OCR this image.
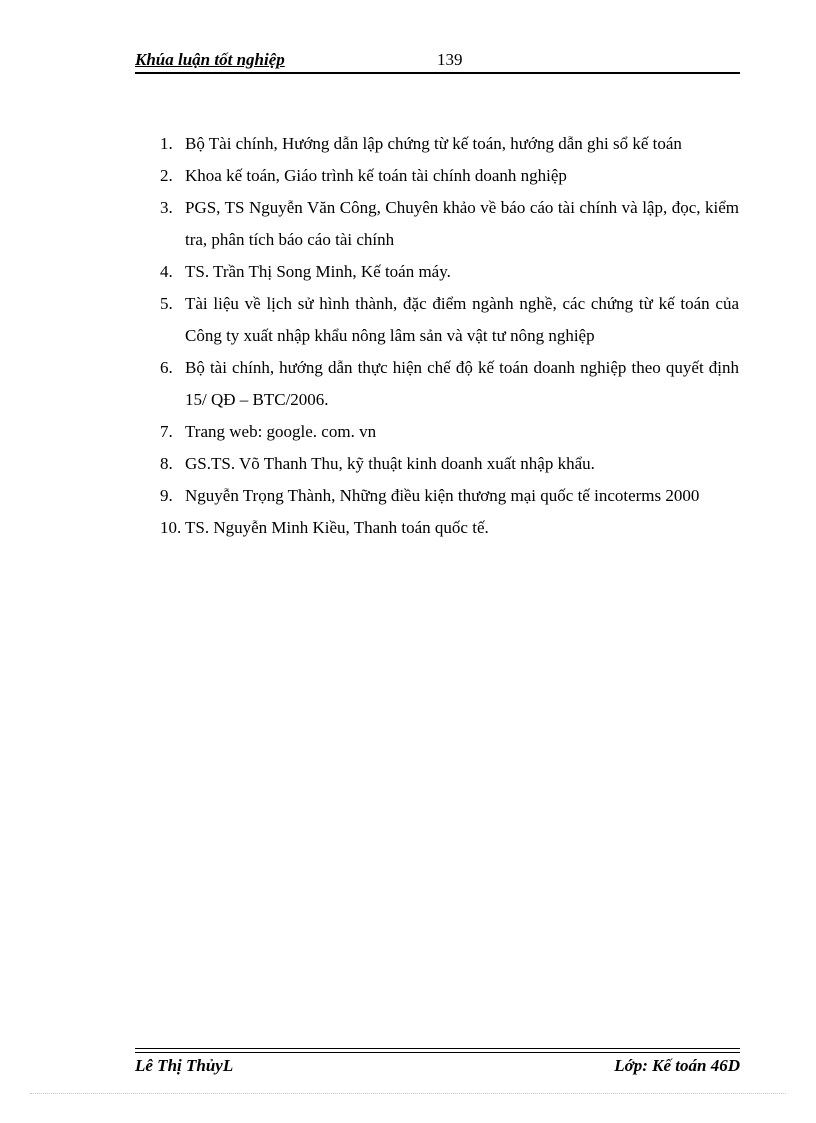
Khúa luận tốt nghiệp	139
1. Bộ Tài chính, Hướng dẫn lập chứng từ kế toán, hướng dẫn ghi sổ kế toán
2. Khoa kế toán, Giáo trình kế toán tài chính doanh nghiệp
3. PGS, TS Nguyễn Văn Công, Chuyên khảo về báo cáo tài chính và lập, đọc, kiểm tra, phân tích báo cáo tài chính
4. TS. Trần Thị Song Minh, Kế toán máy.
5. Tài liệu về lịch sử hình thành, đặc điểm ngành nghề, các chứng từ kế toán của Công ty xuất nhập khẩu nông lâm sản và vật tư nông nghiệp
6. Bộ tài chính, hướng dẫn thực hiện chế độ kế toán doanh nghiệp theo quyết định 15/ QĐ – BTC/2006.
7. Trang web: google. com. vn
8. GS.TS. Võ Thanh Thu, kỹ thuật kinh doanh xuất nhập khẩu.
9. Nguyễn Trọng Thành, Những điều kiện thương mại quốc tế incoterms 2000
10. TS. Nguyễn Minh Kiều, Thanh toán quốc tế.
Lê Thị ThủyL	Lớp: Kế toán 46D
